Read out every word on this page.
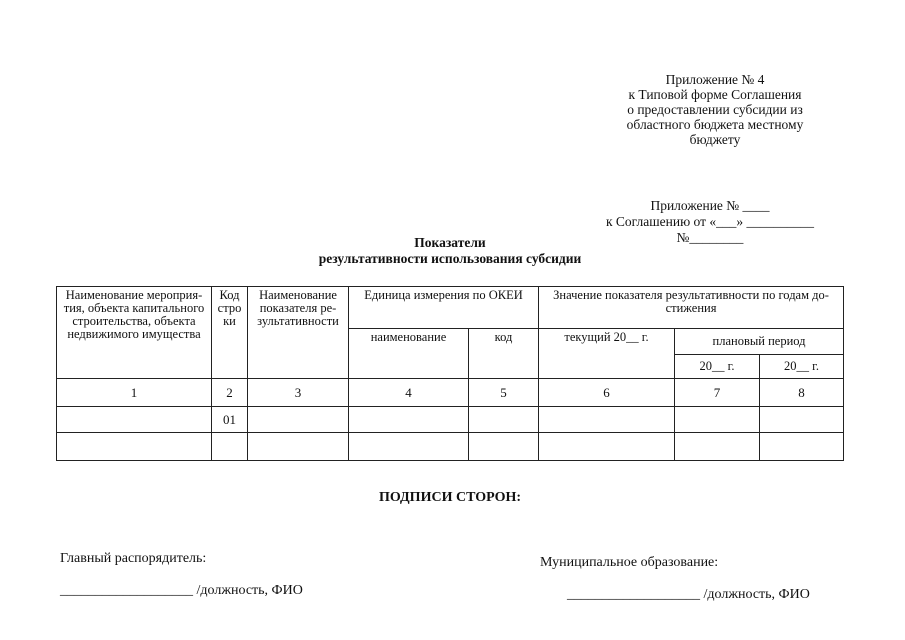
Приложение № 4
к Типовой форме Соглашения
о предоставлении субсидии из
областного бюджета местному
бюджету
Приложение № ____
к Соглашению от «___» __________
№________
Показатели
результативности использования субсидии
Наименование мероприя-тия, объекта капитального строительства, объекта недвижимого имущества	Код стро ки	Наименование показателя ре-зультативности	Единица измерения по ОКЕИ		Значение показателя результативности по годам до-стижения		
			наименование	код	текущий 20__ г.	плановый период	
						20__ г.	20__ г.
1	2	3	4	5	6	7	8
	01						

ПОДПИСИ СТОРОН:
Главный распорядитель:
___________________ /должность, ФИО
Муниципальное образование:
___________________ /должность, ФИО
